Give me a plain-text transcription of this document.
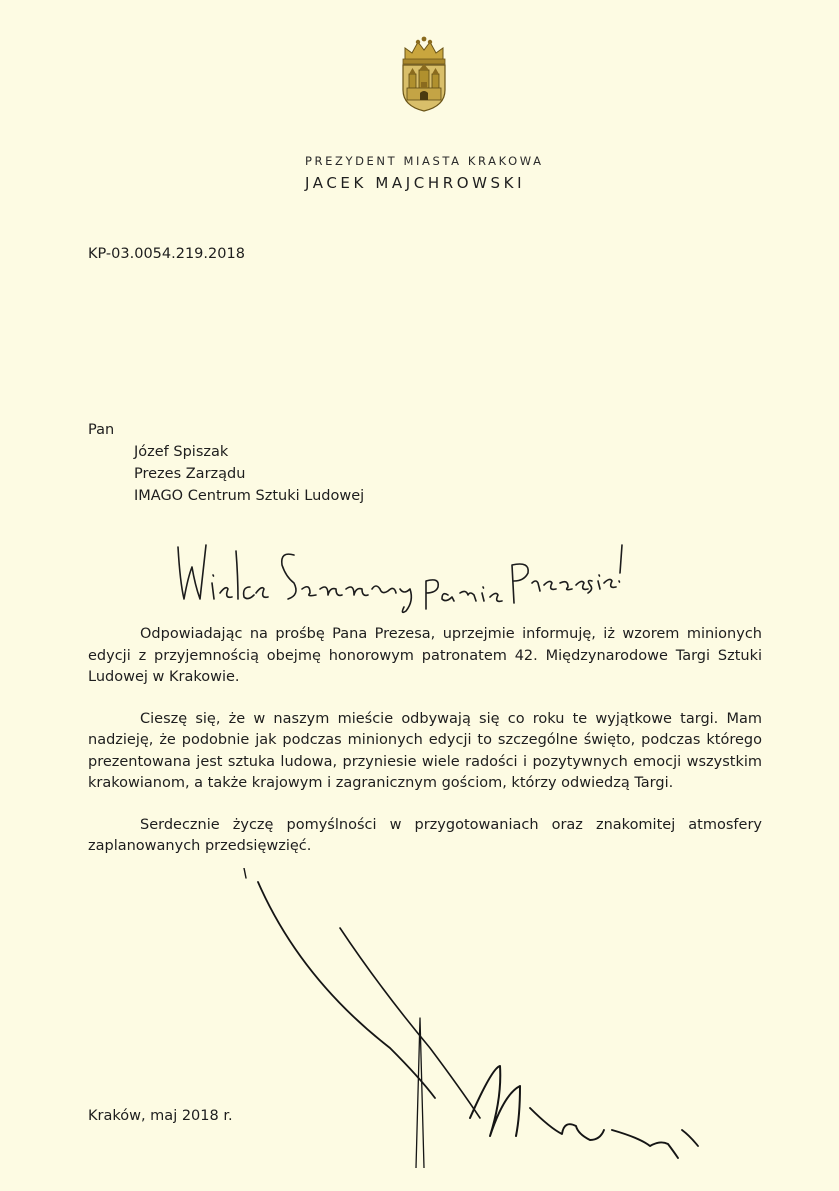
PREZYDENT MIASTA KRAKOWA
JACEK MAJCHROWSKI
KP-03.0054.219.2018
Pan
Józef Spiszak
Prezes Zarządu
IMAGO Centrum Sztuki Ludowej

Odpowiadając na prośbę Pana Prezesa, uprzejmie informuję, iż wzorem minionych edycji z przyjemnością obejmę honorowym patronatem 42. Międzynarodowe Targi Sztuki Ludowej w Krakowie.

Cieszę się, że w naszym mieście odbywają się co roku te wyjątkowe targi. Mam nadzieję, że podobnie jak podczas minionych edycji to szczególne święto, podczas którego prezentowana jest sztuka ludowa, przyniesie wiele radości i pozytywnych emocji wszystkim krakowianom, a także krajowym i zagranicznym gościom, którzy odwiedzą Targi.

Serdecznie życzę pomyślności w przygotowaniach oraz znakomitej atmosfery zaplanowanych przedsięwzięć.

Kraków, maj 2018 r.
